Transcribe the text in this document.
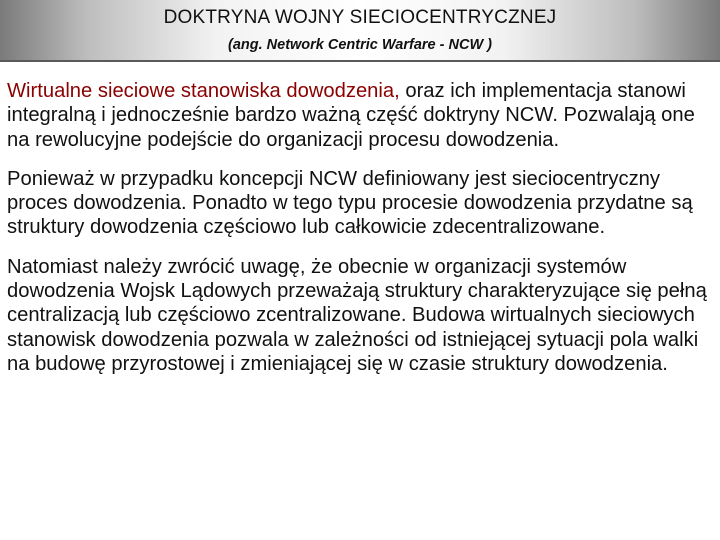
DOKTRYNA WOJNY SIECIOCENTRYCZNEJ
(ang. Network Centric Warfare - NCW )

Wirtualne sieciowe stanowiska dowodzenia, oraz ich implementacja stanowi integralną i jednocześnie bardzo ważną część doktryny NCW. Pozwalają one na rewolucyjne podejście do organizacji procesu dowodzenia.

Ponieważ w przypadku koncepcji NCW definiowany jest sieciocentryczny proces dowodzenia. Ponadto w tego typu procesie dowodzenia przydatne są struktury dowodzenia częściowo lub całkowicie zdecentralizowane.

Natomiast należy zwrócić uwagę, że obecnie w organizacji systemów dowodzenia Wojsk Lądowych przeważają struktury charakteryzujące się pełną centralizacją lub częściowo zcentralizowane. Budowa wirtualnych sieciowych stanowisk dowodzenia pozwala w zależności od istniejącej sytuacji pola walki na budowę przyrostowej i zmieniającej się w czasie struktury dowodzenia.
